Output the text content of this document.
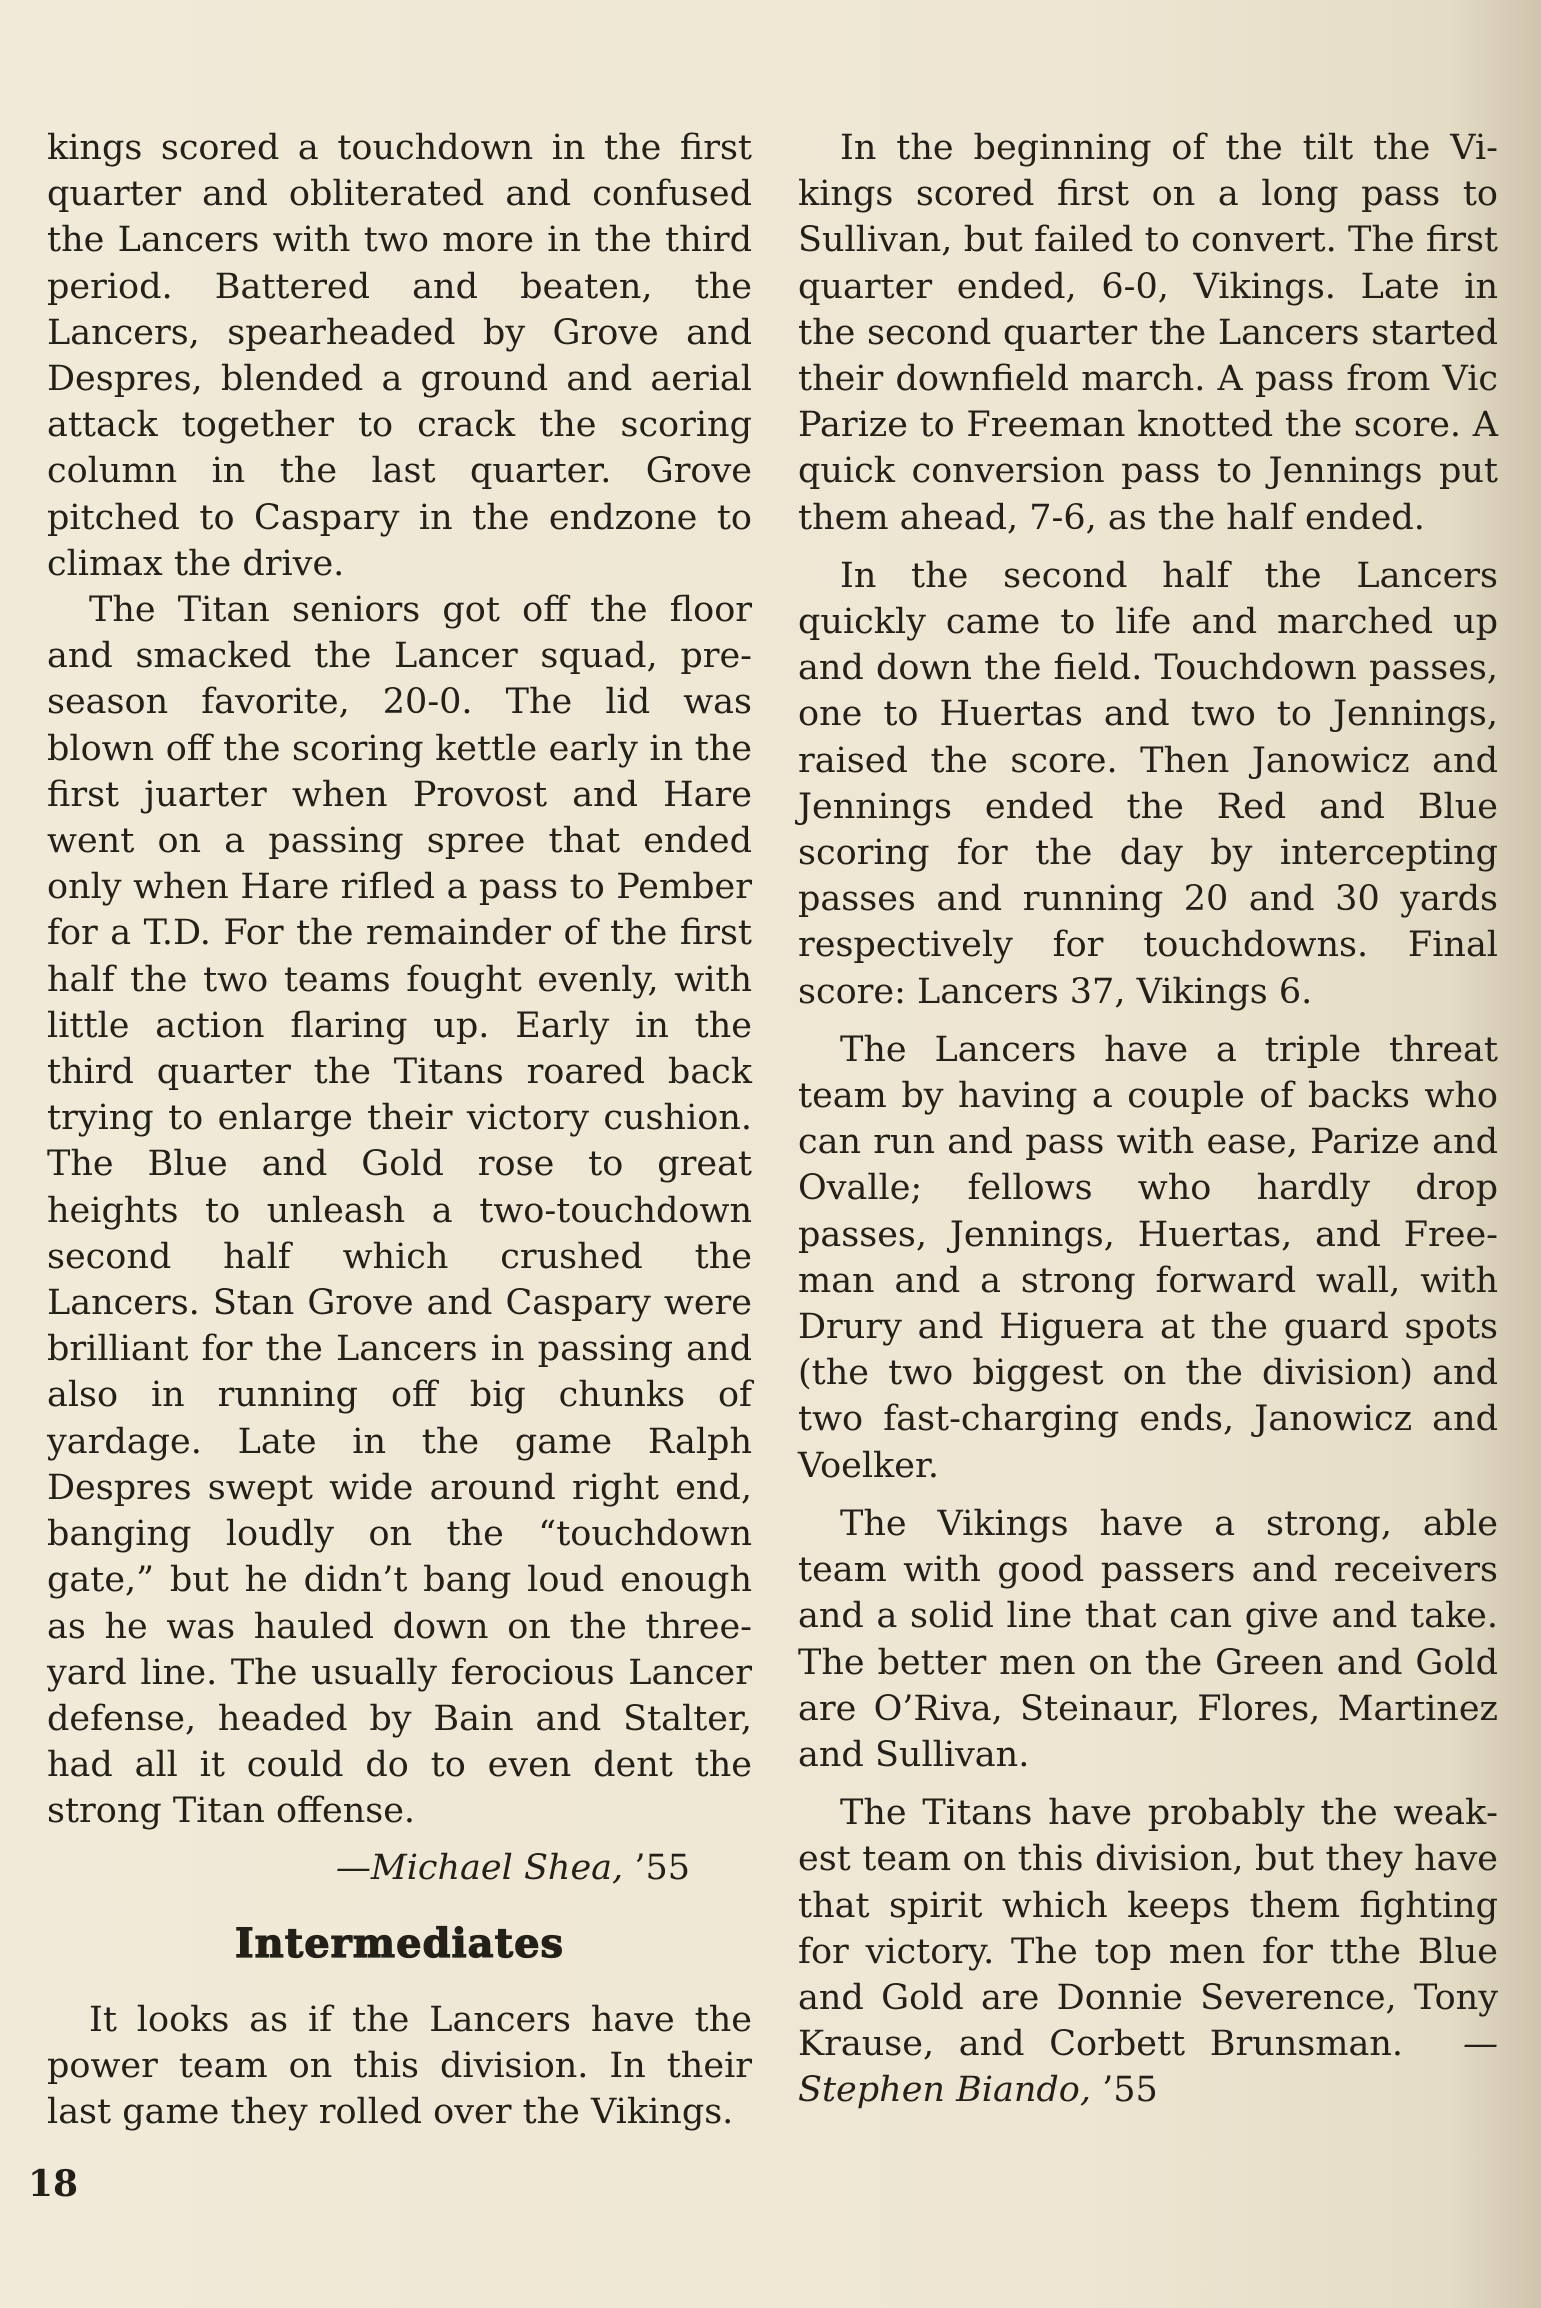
kings scored a touchdown in the first quarter and obliterated and confused the Lancers with two more in the third period. Battered and beaten, the Lancers, spearheaded by Grove and Despres, blended a ground and aerial attack together to crack the scoring column in the last quarter. Grove pitched to Caspary in the endzone to climax the drive.

The Titan seniors got off the floor and smacked the Lancer squad, preseason favorite, 20-0. The lid was blown off the scoring kettle early in the first juarter when Provost and Hare went on a passing spree that ended only when Hare rifled a pass to Pember for a T.D. For the remainder of the first half the two teams fought evenly, with little action flaring up. Early in the third quarter the Titans roared back trying to enlarge their victory cushion. The Blue and Gold rose to great heights to unleash a two-touchdown second half which crushed the Lancers. Stan Grove and Caspary were brilliant for the Lancers in passing and also in running off big chunks of yardage. Late in the game Ralph Despres swept wide around right end, banging loudly on the “touchdown gate,” but he didn’t bang loud enough as he was hauled down on the three-yard line. The usually ferocious Lancer defense, headed by Bain and Stalter, had all it could do to even dent the strong Titan offense.

—Michael Shea, ’55
Intermediates

It looks as if the Lancers have the power team on this division. In their last game they rolled over the Vikings.

In the beginning of the tilt the Vikings scored first on a long pass to Sullivan, but failed to convert. The first quarter ended, 6-0, Vikings. Late in the second quarter the Lancers started their downfield march. A pass from Vic Parize to Freeman knotted the score. A quick conversion pass to Jennings put them ahead, 7-6, as the half ended.

In the second half the Lancers quickly came to life and marched up and down the field. Touchdown passes, one to Huertas and two to Jennings, raised the score. Then Janowicz and Jennings ended the Red and Blue scoring for the day by intercepting passes and running 20 and 30 yards respectively for touchdowns. Final score: Lancers 37, Vikings 6.

The Lancers have a triple threat team by having a couple of backs who can run and pass with ease, Parize and Ovalle; fellows who hardly drop passes, Jennings, Huertas, and Freeman and a strong forward wall, with Drury and Higuera at the guard spots (the two biggest on the division) and two fast-charging ends, Janowicz and Voelker.

The Vikings have a strong, able team with good passers and receivers and a solid line that can give and take. The better men on the Green and Gold are O’Riva, Steinaur, Flores, Martinez and Sullivan.

The Titans have probably the weakest team on this division, but they have that spirit which keeps them fighting for victory. The top men for tthe Blue and Gold are Donnie Severence, Tony Krause, and Corbett Brunsman. —Stephen Biando, ’55

18
